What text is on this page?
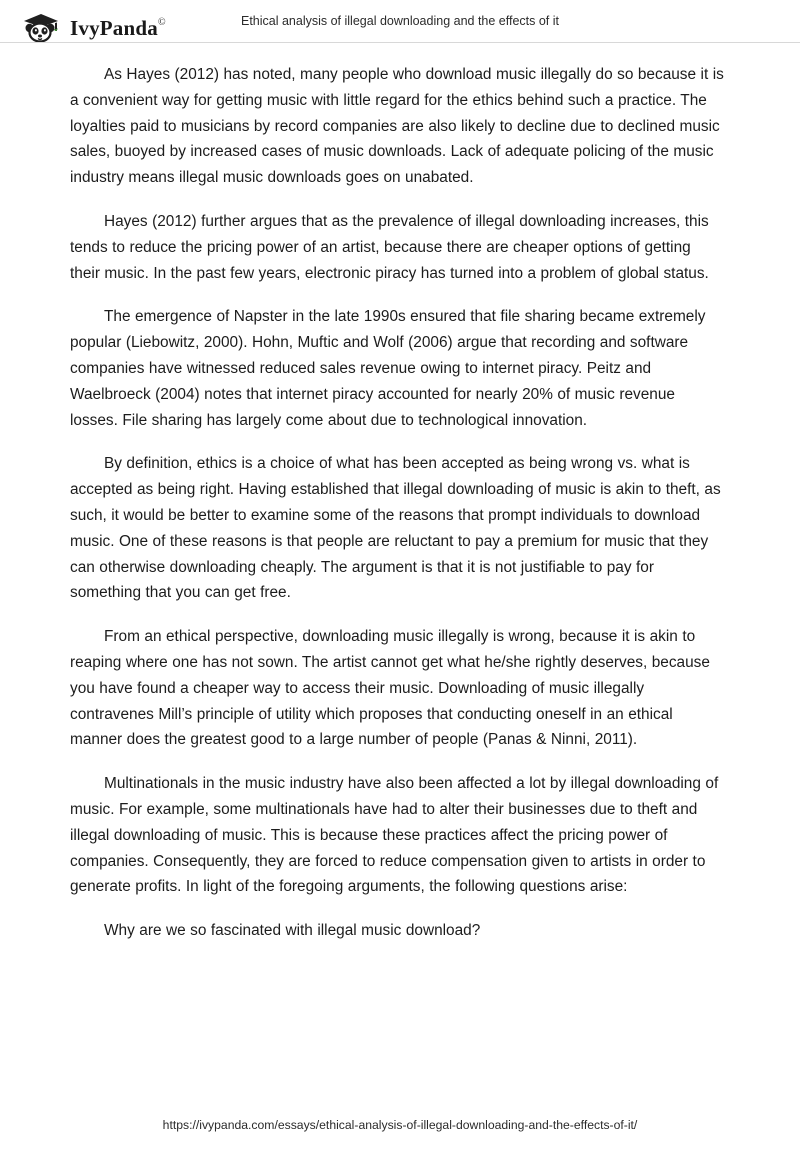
IvyPanda©	Ethical analysis of illegal downloading and the effects of it

As Hayes (2012) has noted, many people who download music illegally do so because it is a convenient way for getting music with little regard for the ethics behind such a practice. The loyalties paid to musicians by record companies are also likely to decline due to declined music sales, buoyed by increased cases of music downloads. Lack of adequate policing of the music industry means illegal music downloads goes on unabated.

Hayes (2012) further argues that as the prevalence of illegal downloading increases, this tends to reduce the pricing power of an artist, because there are cheaper options of getting their music. In the past few years, electronic piracy has turned into a problem of global status.

The emergence of Napster in the late 1990s ensured that file sharing became extremely popular (Liebowitz, 2000). Hohn, Muftic and Wolf (2006) argue that recording and software companies have witnessed reduced sales revenue owing to internet piracy. Peitz and Waelbroeck (2004) notes that internet piracy accounted for nearly 20% of music revenue losses. File sharing has largely come about due to technological innovation.

By definition, ethics is a choice of what has been accepted as being wrong vs. what is accepted as being right. Having established that illegal downloading of music is akin to theft, as such, it would be better to examine some of the reasons that prompt individuals to download music. One of these reasons is that people are reluctant to pay a premium for music that they can otherwise downloading cheaply. The argument is that it is not justifiable to pay for something that you can get free.

From an ethical perspective, downloading music illegally is wrong, because it is akin to reaping where one has not sown. The artist cannot get what he/she rightly deserves, because you have found a cheaper way to access their music. Downloading of music illegally contravenes Mill’s principle of utility which proposes that conducting oneself in an ethical manner does the greatest good to a large number of people (Panas & Ninni, 2011).

Multinationals in the music industry have also been affected a lot by illegal downloading of music. For example, some multinationals have had to alter their businesses due to theft and illegal downloading of music. This is because these practices affect the pricing power of companies. Consequently, they are forced to reduce compensation given to artists in order to generate profits. In light of the foregoing arguments, the following questions arise:

Why are we so fascinated with illegal music download?

https://ivypanda.com/essays/ethical-analysis-of-illegal-downloading-and-the-effects-of-it/
